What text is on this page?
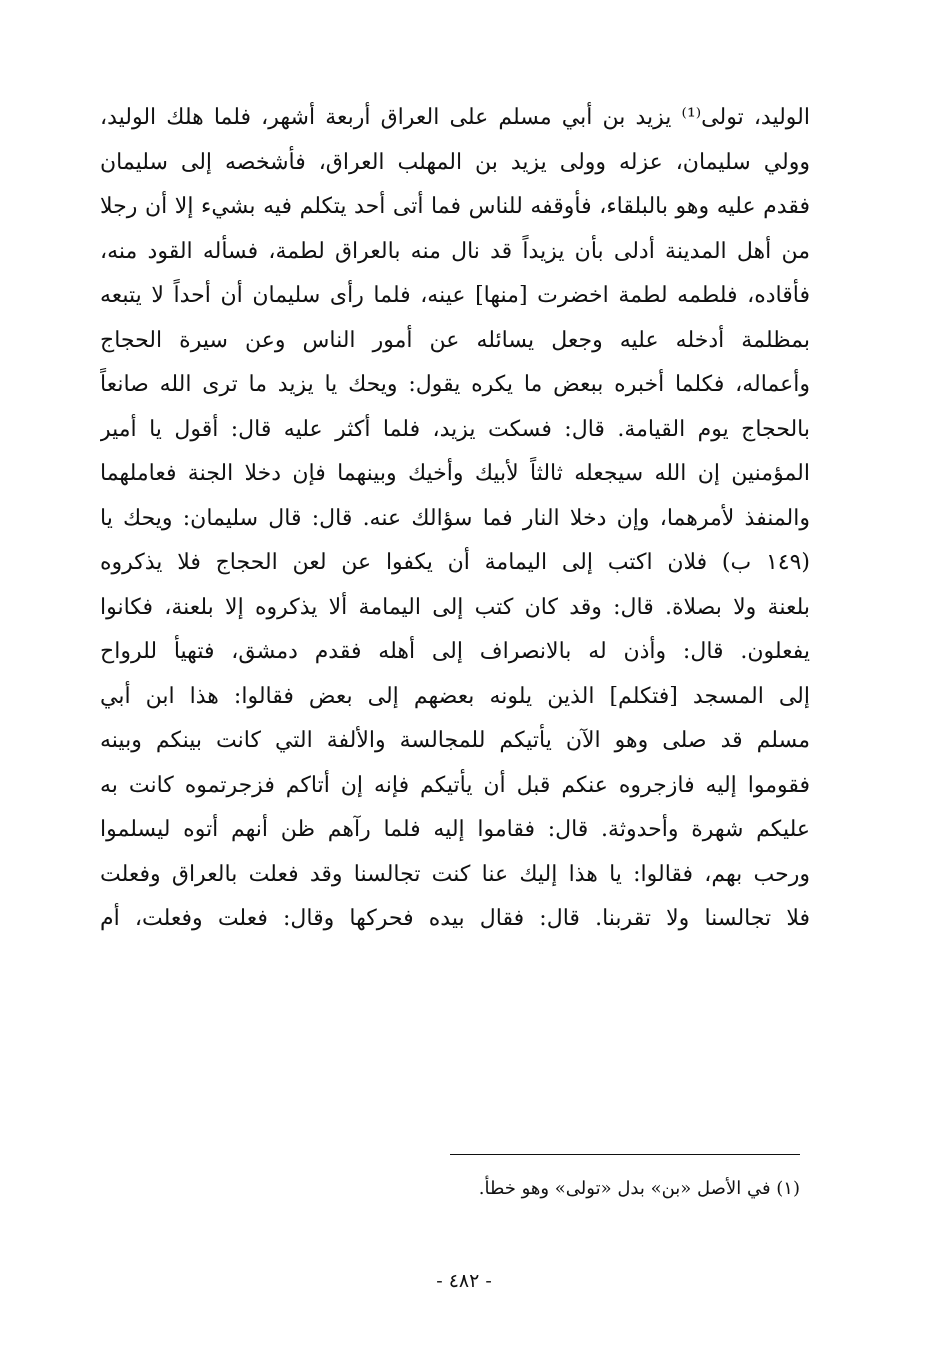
الوليد، تولى⁽¹⁾ يزيد بن أبي مسلم على العراق أربعة أشهر، فلما هلك الوليد،
وولي سليمان، عزله وولى يزيد بن المهلب العراق، فأشخصه إلى سليمان
فقدم عليه وهو بالبلقاء، فأوقفه للناس فما أتى أحد يتكلم فيه بشيء إلا أن رجلا
من أهل المدينة أدلى بأن يزيداً قد نال منه بالعراق لطمة، فسأله القود منه،
فأقاده، فلطمه لطمة اخضرت [منها] عينه، فلما رأى سليمان أن أحداً لا يتبعه
بمظلمة أدخله عليه وجعل يسائله عن أمور الناس وعن سيرة الحجاج
وأعماله، فكلما أخبره ببعض ما يكره يقول: ويحك يا يزيد ما ترى الله صانعاً
بالحجاج يوم القيامة. قال: فسكت يزيد، فلما أكثر عليه قال: أقول يا أمير
المؤمنين إن الله سيجعله ثالثاً لأبيك وأخيك وبينهما فإن دخلا الجنة فعاملهما
والمنفذ لأمرهما، وإن دخلا النار فما سؤالك عنه. قال: قال سليمان: ويحك يا
(١٤٩ ب) فلان اكتب إلى اليمامة أن يكفوا عن لعن الحجاج فلا يذكروه
بلعنة ولا بصلاة. قال: وقد كان كتب إلى اليمامة ألا يذكروه إلا بلعنة، فكانوا
يفعلون. قال: وأذن له بالانصراف إلى أهله فقدم دمشق، فتهيأ للرواح
إلى المسجد [فتكلم] الذين يلونه بعضهم إلى بعض فقالوا: هذا ابن أبي
مسلم قد صلى وهو الآن يأتيكم للمجالسة والألفة التي كانت بينكم وبينه
فقوموا إليه فازجروه عنكم قبل أن يأتيكم فإنه إن أتاكم فزجرتموه كانت به
عليكم شهرة وأحدوثة. قال: فقاموا إليه فلما رآهم ظن أنهم أتوه ليسلموا
ورحب بهم، فقالوا: يا هذا إليك عنا كنت تجالسنا وقد فعلت بالعراق وفعلت
فلا تجالسنا ولا تقربنا. قال: فقال بيده فحركها وقال: فعلت وفعلت، أم
(١) في الأصل «بن» بدل «تولى» وهو خطأ.
- ٤٨٢ -
